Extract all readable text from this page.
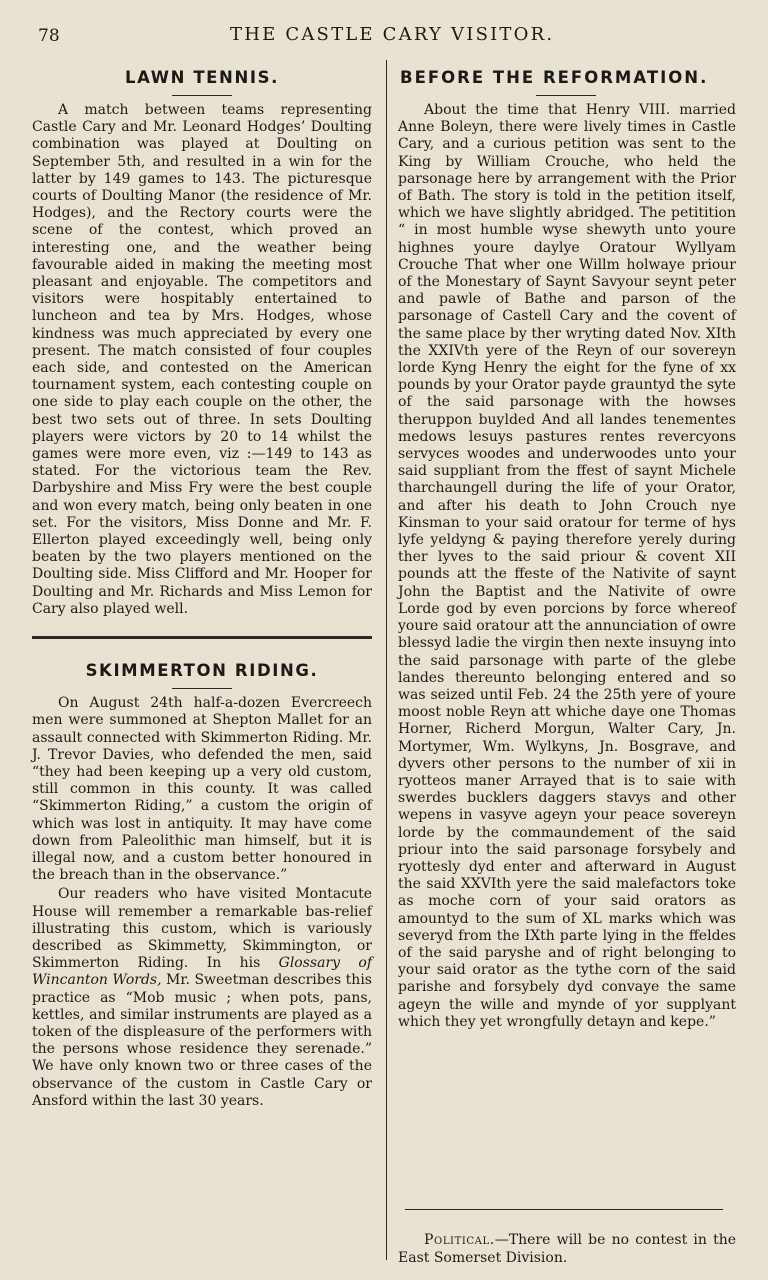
78	THE CASTLE CARY VISITOR.
LAWN TENNIS.

A match between teams representing Castle Cary and Mr. Leonard Hodges’ Doulting combination was played at Doulting on September 5th, and resulted in a win for the latter by 149 games to 143. The picturesque courts of Doulting Manor (the residence of Mr. Hodges), and the Rectory courts were the scene of the contest, which proved an interesting one, and the weather being favourable aided in making the meeting most pleasant and enjoyable. The competitors and visitors were hospitably entertained to luncheon and tea by Mrs. Hodges, whose kindness was much appreciated by every one present. The match consisted of four couples each side, and contested on the American tournament system, each contesting couple on one side to play each couple on the other, the best two sets out of three. In sets Doulting players were victors by 20 to 14 whilst the games were more even, viz :—149 to 143 as stated. For the victorious team the Rev. Darbyshire and Miss Fry were the best couple and won every match, being only beaten in one set. For the visitors, Miss Donne and Mr. F. Ellerton played exceedingly well, being only beaten by the two players mentioned on the Doulting side. Miss Clifford and Mr. Hooper for Doulting and Mr. Richards and Miss Lemon for Cary also played well.

SKIMMERTON RIDING.

On August 24th half-a-dozen Evercreech men were summoned at Shepton Mallet for an assault connected with Skimmerton Riding. Mr. J. Trevor Davies, who defended the men, said “they had been keeping up a very old custom, still common in this county. It was called “Skimmerton Riding,” a custom the origin of which was lost in antiquity. It may have come down from Paleolithic man himself, but it is illegal now, and a custom better honoured in the breach than in the observance.”

Our readers who have visited Montacute House will remember a remarkable bas-relief illustrating this custom, which is variously described as Skimmetty, Skimmington, or Skimmerton Riding. In his Glossary of Wincanton Words, Mr. Sweetman describes this practice as “Mob music ; when pots, pans, kettles, and similar instruments are played as a token of the displeasure of the performers with the persons whose residence they serenade.” We have only known two or three cases of the observance of the custom in Castle Cary or Ansford within the last 30 years.

BEFORE THE REFORMATION.

About the time that Henry VIII. married Anne Boleyn, there were lively times in Castle Cary, and a curious petition was sent to the King by William Crouche, who held the parsonage here by arrangement with the Prior of Bath. The story is told in the petition itself, which we have slightly abridged. The petitition “ in most humble wyse shewyth unto youre highnes youre daylye Oratour Wyllyam Crouche That wher one Willm holwaye priour of the Monestary of Saynt Savyour seynt peter and pawle of Bathe and parson of the parsonage of Castell Cary and the covent of the same place by ther wryting dated Nov. XIth the XXIVth yere of the Reyn of our sovereyn lorde Kyng Henry the eight for the fyne of xx pounds by your Orator payde grauntyd the syte of the said parsonage with the howses theruppon buylded And all landes tenementes medows lesuys pastures rentes revercyons servyces woodes and underwoodes unto your said suppliant from the ffest of saynt Michele tharchaungell during the life of your Orator, and after his death to John Crouch nye Kinsman to your said oratour for terme of hys lyfe yeldyng & paying therefore yerely during ther lyves to the said priour & covent XII pounds att the ffeste of the Nativite of saynt John the Baptist and the Nativite of owre Lorde god by even porcions by force whereof youre said oratour att the annunciation of owre blessyd ladie the virgin then nexte insuyng into the said parsonage with parte of the glebe landes thereunto belonging entered and so was seized until Feb. 24 the 25th yere of youre moost noble Reyn att whiche daye one Thomas Horner, Richerd Morgun, Walter Cary, Jn. Mortymer, Wm. Wylkyns, Jn. Bosgrave, and dyvers other persons to the number of xii in ryotteos maner Arrayed that is to saie with swerdes bucklers daggers stavys and other wepens in vasyve ageyn your peace sovereyn lorde by the commaundement of the said priour into the said parsonage forsybely and ryottesly dyd enter and afterward in August the said XXVIth yere the said malefactors toke as moche corn of your said orators as amountyd to the sum of XL marks which was severyd from the IXth parte lying in the ffeldes of the said paryshe and of right belonging to your said orator as the tythe corn of the said parishe and forsybely dyd convaye the same ageyn the wille and mynde of yor supplyant which they yet wrongfully detayn and kepe.”

Political.—There will be no contest in the East Somerset Division.
